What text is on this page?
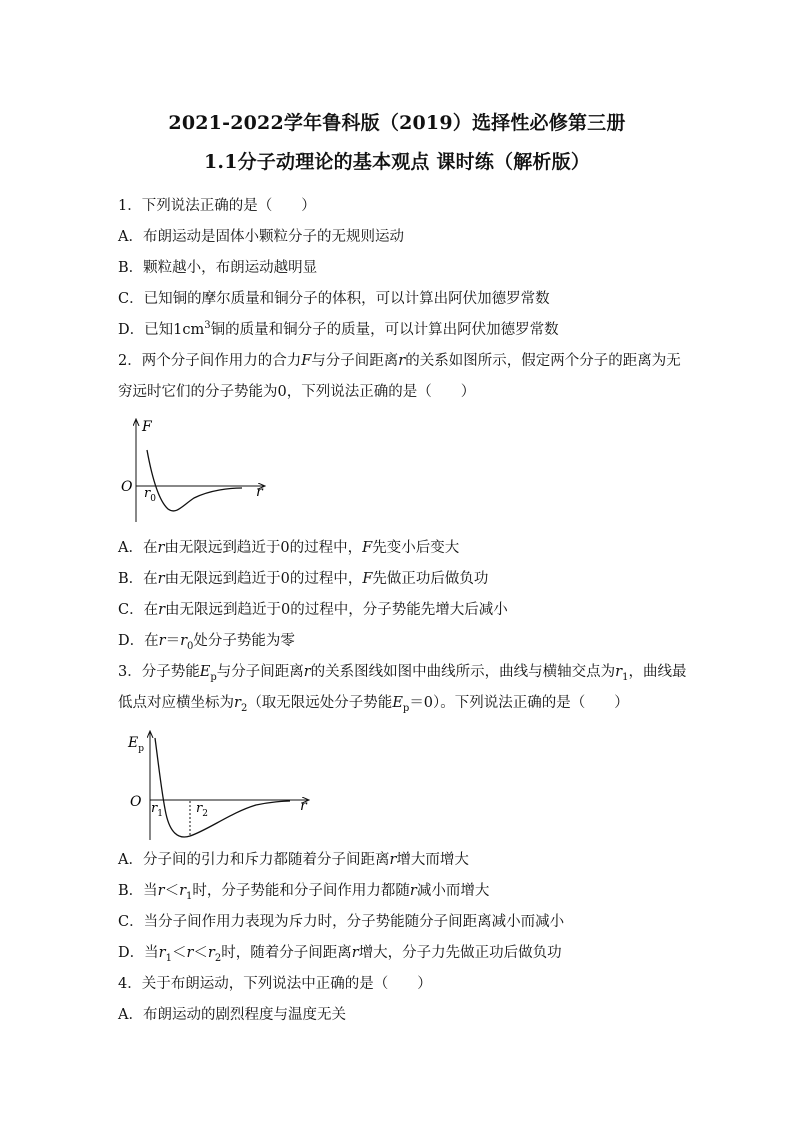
2021-2022学年鲁科版（2019）选择性必修第三册
1.1分子动理论的基本观点 课时练（解析版）
1．下列说法正确的是（　　）
A．布朗运动是固体小颗粒分子的无规则运动
B．颗粒越小，布朗运动越明显
C．已知铜的摩尔质量和铜分子的体积，可以计算出阿伏加德罗常数
D．已知$1cm^3$铜的质量和铜分子的质量，可以计算出阿伏加德罗常数
2．两个分子间作用力的合力F与分子间距离r的关系如图所示，假定两个分子的距离为无
穷远时它们的分子势能为0，下列说法正确的是（　　）
F
O	r
$r_0$
A．在r由无限远到趋近于0的过程中，F先变小后变大
B．在r由无限远到趋近于0的过程中，F先做正功后做负功
C．在r由无限远到趋近于0的过程中，分子势能先增大后减小
D．在$r=r_0$处分子势能为零
3．分子势能$E_p$与分子间距离r的关系图线如图中曲线所示，曲线与横轴交点为$r_1$，曲线最
低点对应横坐标为$r_2$（取无限远处分子势能$E_p=0$）。下列说法正确的是（　　）
$E_p$
O	r
$r_1$	$r_2$
A．分子间的引力和斥力都随着分子间距离r增大而增大
B．当$r<r_1$时，分子势能和分子间作用力都随r减小而增大
C．当分子间作用力表现为斥力时，分子势能随分子间距离减小而减小
D．当$r_1<r<r_2$时，随着分子间距离r增大，分子力先做正功后做负功
4．关于布朗运动，下列说法中正确的是（　　）
A．布朗运动的剧烈程度与温度无关
